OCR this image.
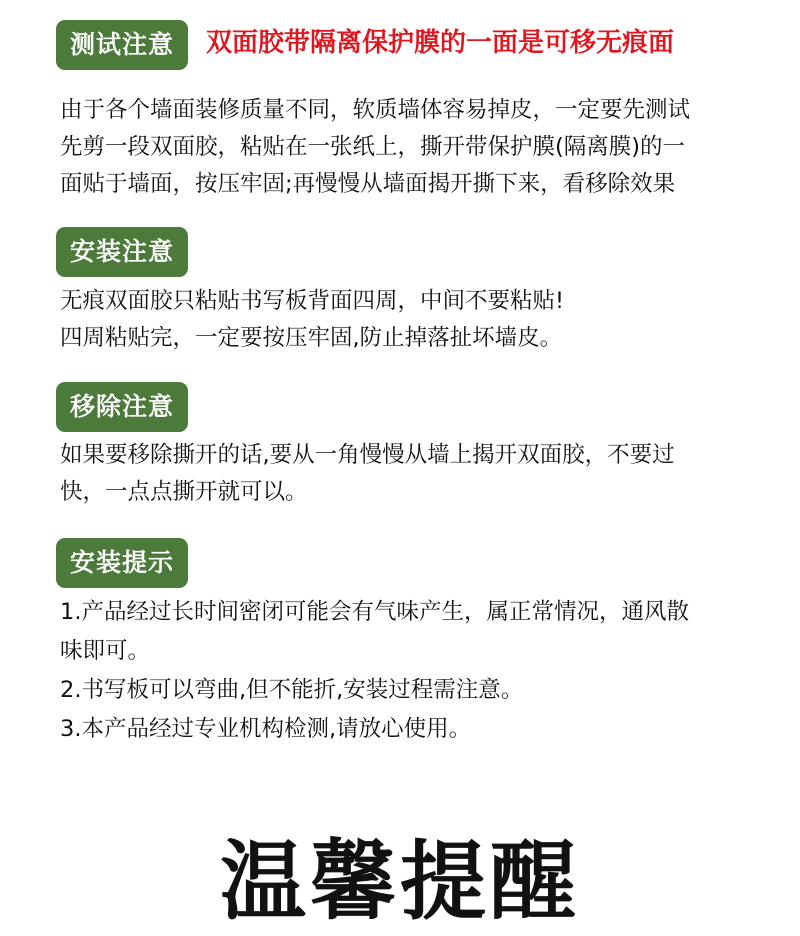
测试注意	双面胶带隔离保护膜的一面是可移无痕面
由于各个墙面装修质量不同，软质墙体容易掉皮，一定要先测试
先剪一段双面胶，粘贴在一张纸上，撕开带保护膜(隔离膜)的一
面贴于墙面，按压牢固;再慢慢从墙面揭开撕下来，看移除效果
安装注意
无痕双面胶只粘贴书写板背面四周，中间不要粘贴!
四周粘贴完，一定要按压牢固,防止掉落扯坏墙皮。
移除注意
如果要移除撕开的话,要从一角慢慢从墙上揭开双面胶，不要过
快，一点点撕开就可以。
安装提示
1.产品经过长时间密闭可能会有气味产生，属正常情况，通风散
味即可。
2.书写板可以弯曲,但不能折,安装过程需注意。
3.本产品经过专业机构检测,请放心使用。
温馨提醒
